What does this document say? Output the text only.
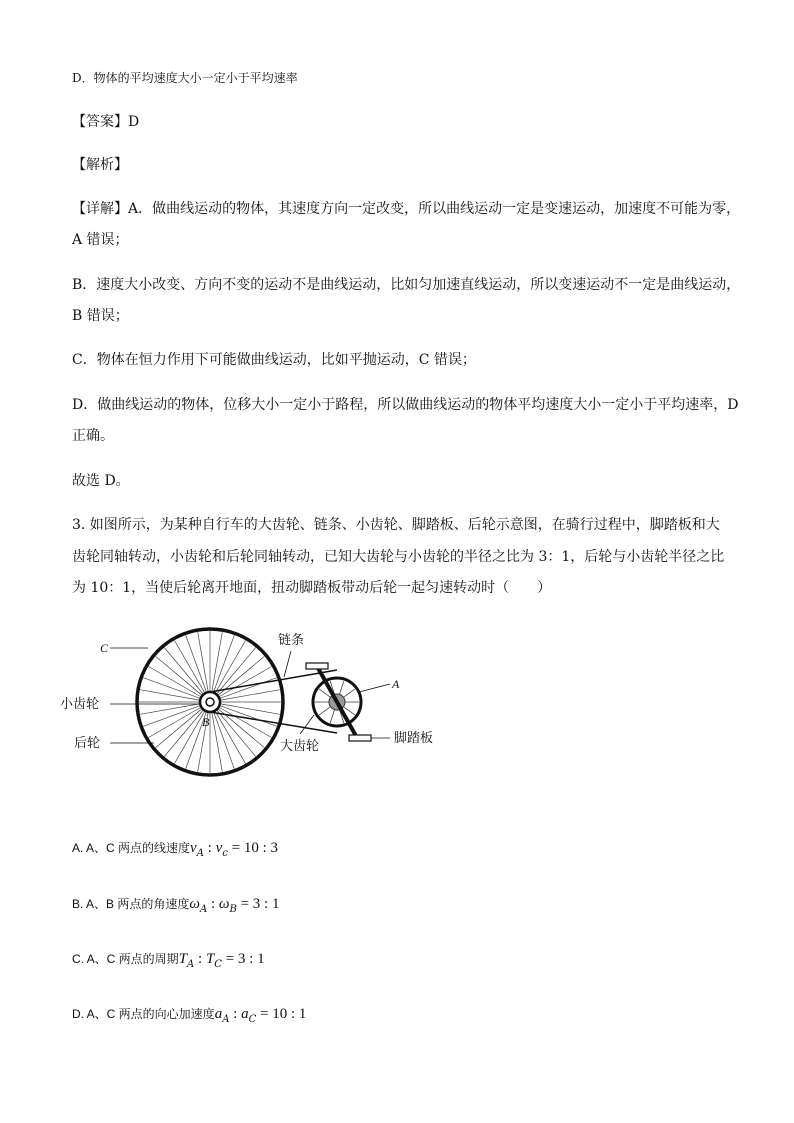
D．物体的平均速度大小一定小于平均速率
【答案】D
【解析】
【详解】A．做曲线运动的物体，其速度方向一定改变，所以曲线运动一定是变速运动，加速度不可能为零，
A 错误；
B．速度大小改变、方向不变的运动不是曲线运动，比如匀加速直线运动，所以变速运动不一定是曲线运动，
B 错误；
C．物体在恒力作用下可能做曲线运动，比如平抛运动，C 错误；
D．做曲线运动的物体，位移大小一定小于路程，所以做曲线运动的物体平均速度大小一定小于平均速率，D
正确。
故选 D。
3. 如图所示，为某种自行车的大齿轮、链条、小齿轮、脚踏板、后轮示意图，在骑行过程中，脚踏板和大
齿轮同轴转动，小齿轮和后轮同轴转动，已知大齿轮与小齿轮的半径之比为 3：1，后轮与小齿轮半径之比
为 10：1，当使后轮离开地面，扭动脚踏板带动后轮一起匀速转动时（　　）
C	链条
A
小齿轮
B
后轮	大齿轮
脚踏板
A. A、C 两点的线速度$v_A$ : $v_c = 10$ : 3
B. A、B 两点的角速度$\omega_A$ : $\omega_B = 3$ : 1
C. A、C 两点的周期$T_A$ : $T_C = 3$ : 1
D. A、C 两点的向心加速度$a_A$ : $a_C = 10$ : 1
